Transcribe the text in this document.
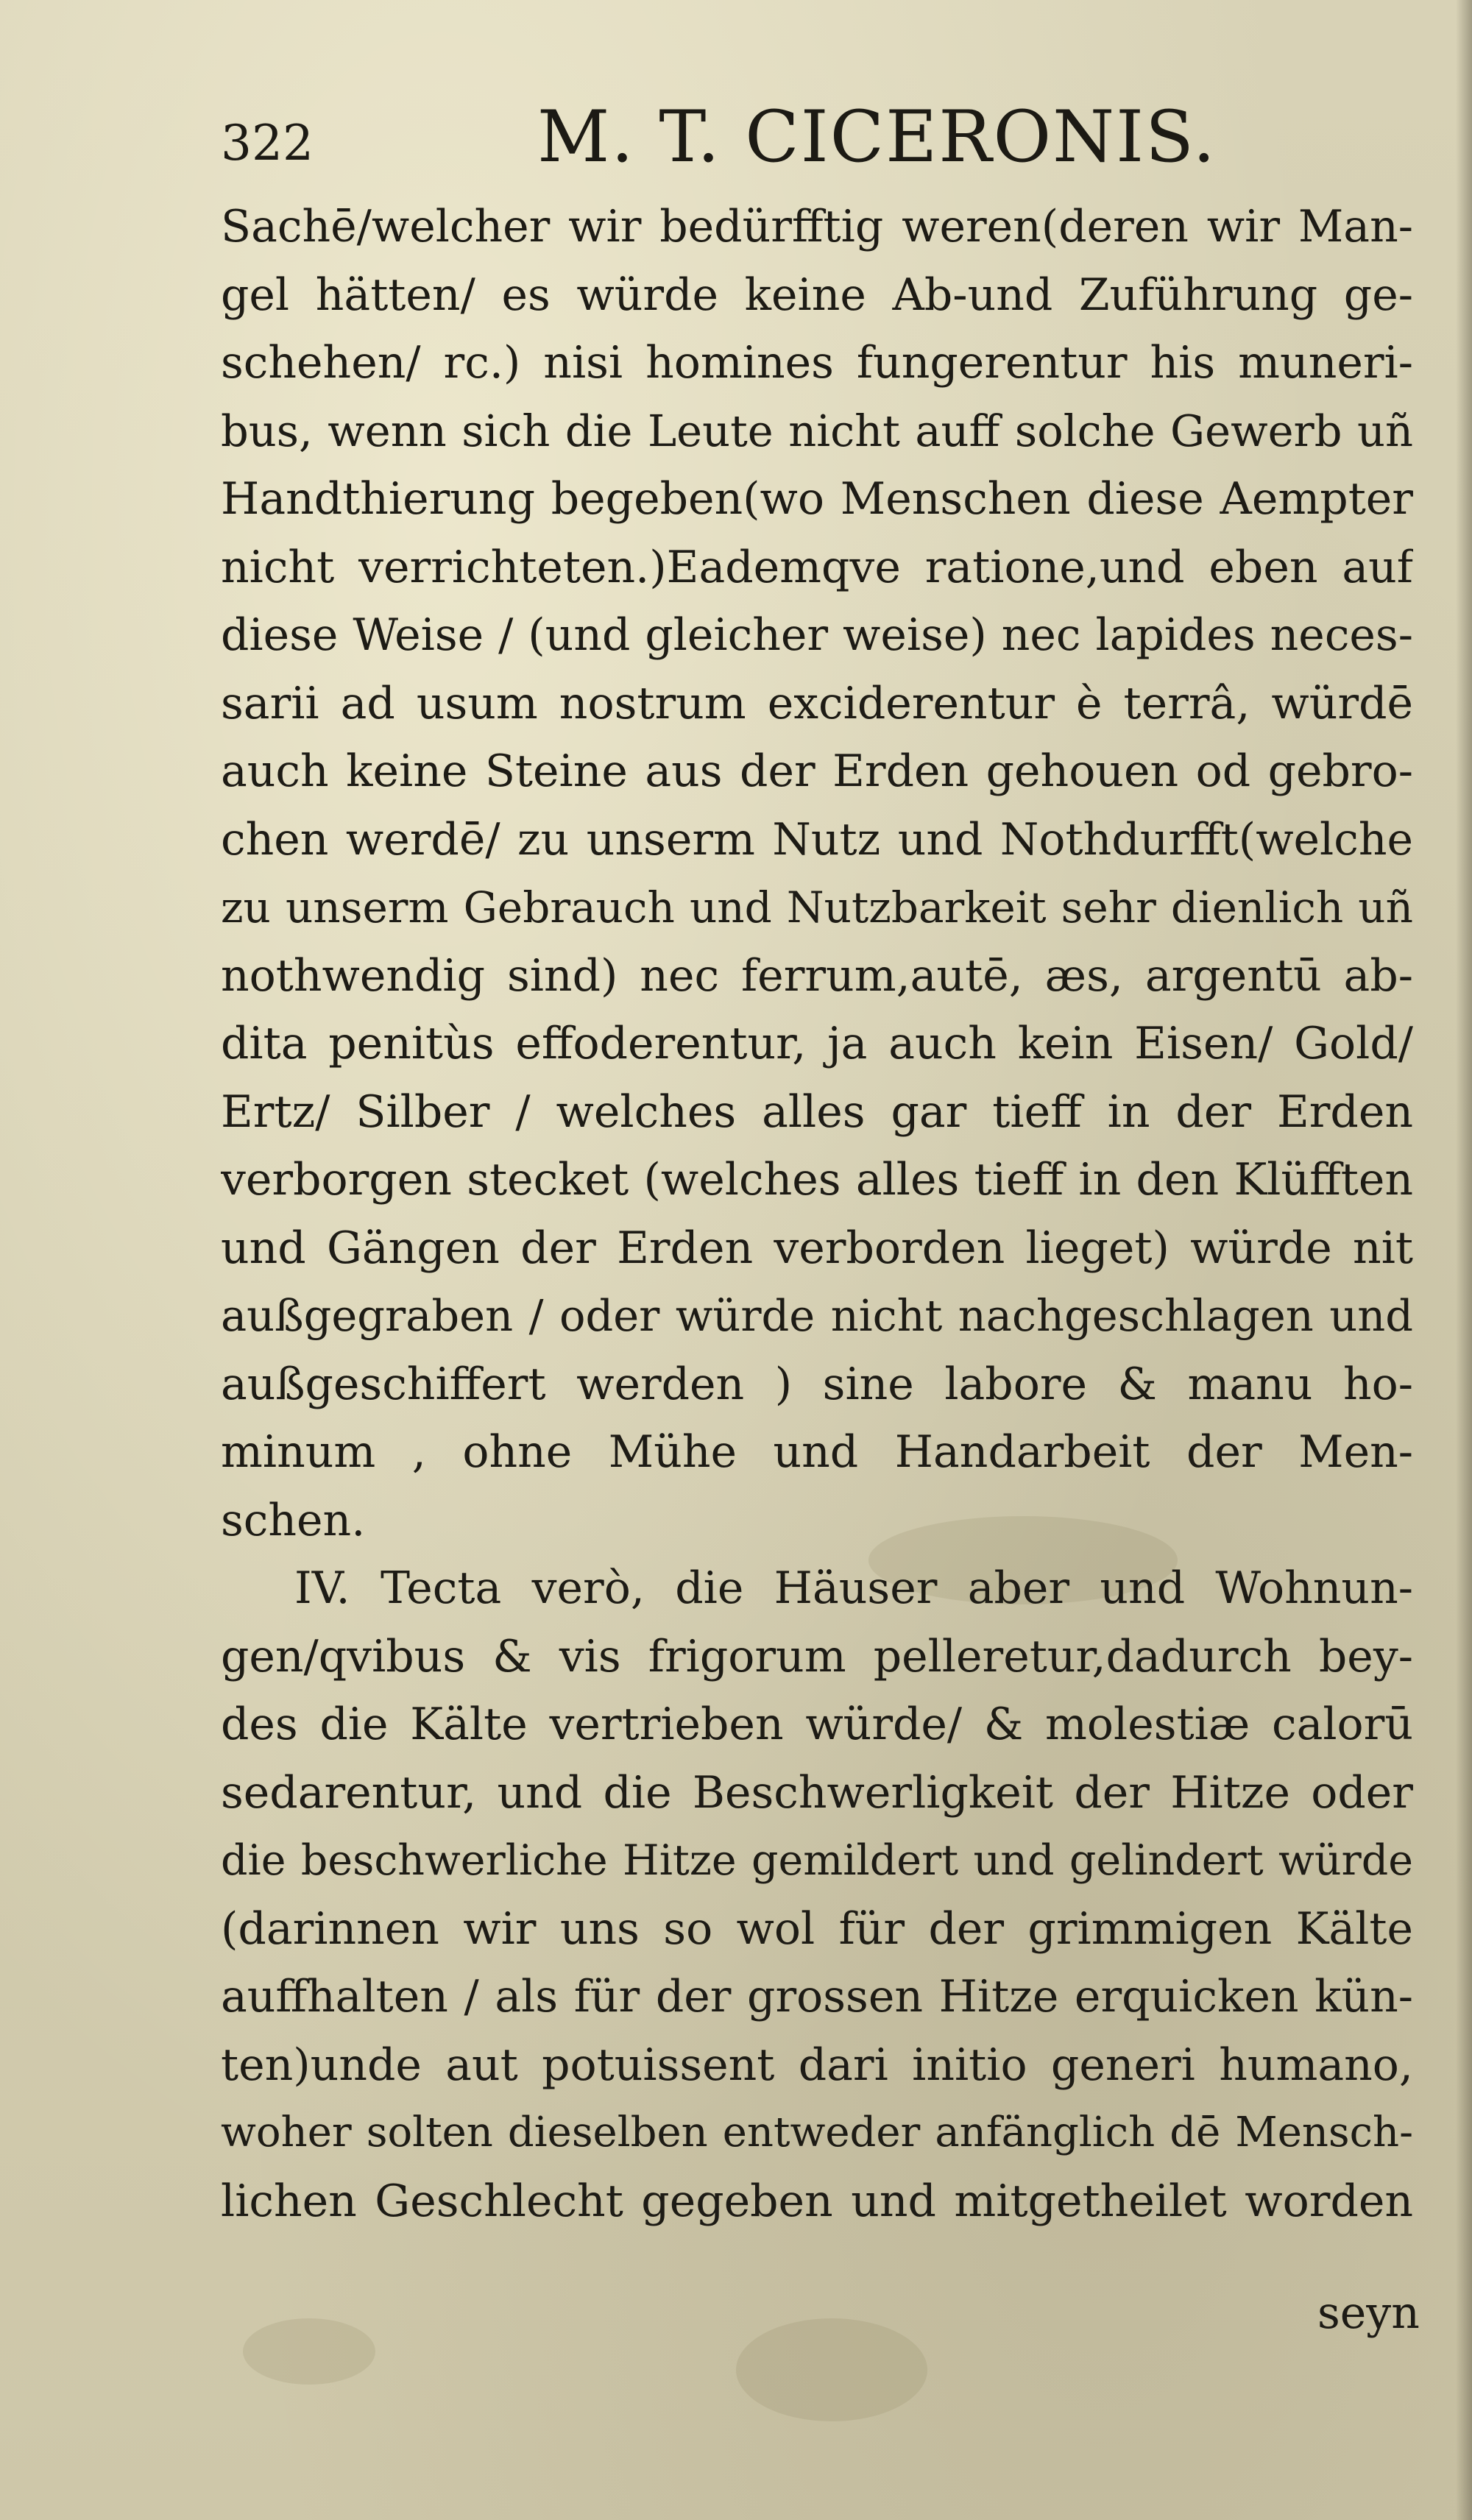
322	M. T. CICERONIS.
Sachē/welcher wir bedürfftig weren(deren wir Man-
gel hätten/ es würde keine Ab-und Zuführung ge-
schehen/ rc.) nisi homines fungerentur his muneri-
bus, wenn sich die Leute nicht auff solche Gewerb uñ
Handthierung begeben(wo Menschen diese Aempter
nicht verrichteten.)Eademqve ratione,und eben auf
diese Weise / (und gleicher weise) nec lapides neces-
sarii ad usum nostrum exciderentur è terrâ, würdē
auch keine Steine aus der Erden gehouen od gebro-
chen werdē/ zu unserm Nutz und Nothdurfft(welche
zu unserm Gebrauch und Nutzbarkeit sehr dienlich uñ
nothwendig sind) nec ferrum,autē, æs, argentū ab-
dita penitùs effoderentur, ja auch kein Eisen/ Gold/
Ertz/ Silber / welches alles gar tieff in der Erden
verborgen stecket (welches alles tieff in den Klüfften
und Gängen der Erden verborden lieget) würde nit
außgegraben / oder würde nicht nachgeschlagen und
außgeschiffert werden ) sine labore & manu ho-
minum , ohne Mühe und Handarbeit der Men-
schen.
IV. Tecta verò, die Häuser aber und Wohnun-
gen/qvibus & vis frigorum pelleretur,dadurch bey-
des die Kälte vertrieben würde/ & molestiæ calorū
sedarentur, und die Beschwerligkeit der Hitze oder
die beschwerliche Hitze gemildert und gelindert würde
(darinnen wir uns so wol für der grimmigen Kälte
auffhalten / als für der grossen Hitze erquicken kün-
ten)unde aut potuissent dari initio generi humano,
woher solten dieselben entweder anfänglich dē Mensch-
lichen Geschlecht gegeben und mitgetheilet worden
seyn
